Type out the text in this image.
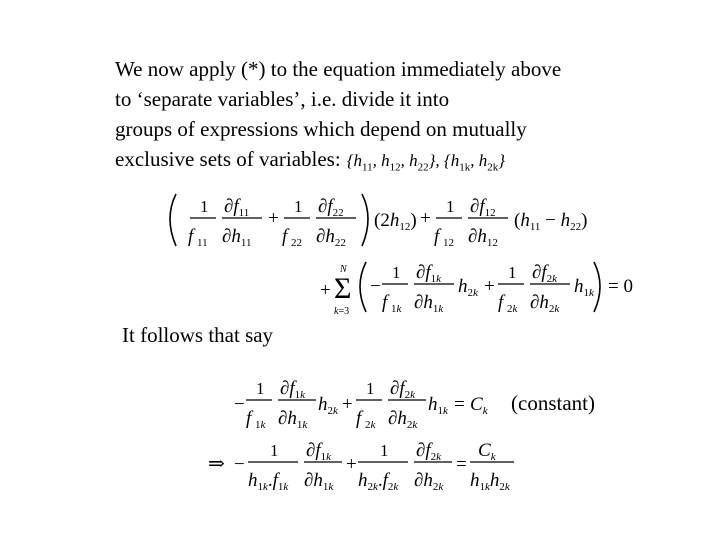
We now apply (*) to the equation immediately above
to ‘separate variables’, i.e. divide it into
groups of expressions which depend on mutually
exclusive sets of variables: {$h_{11}$, $h_{12}$, $h_{22}$}, {$h_{1k}$, $h_{2k}$}
1
f 11
$\partial f_{11}$
$\partial h_{11}$
+
1
f 22
$\partial f_{22}$
$\partial h_{22}$
$(2h_{12})$ +
1
f 12
$\partial f_{12}$
$\partial h_{12}$
$(h_{11} - h_{22})$
+
N
Σ
k=3
−
1
f 1k
$\partial f_{1k}$
$\partial h_{1k}$
$h_{2k}$ +
1
f 2k
$\partial f_{2k}$
$\partial h_{2k}$
$h_{1k} = 0$

It follows that say

−
1
f 1k
$\partial f_{1k}$
$\partial h_{1k}$
$h_{2k}$ +
1
f 2k
$\partial f_{2k}$
$\partial h_{2k}$
$h_{1k} = C_k$ (constant)

⇒ −
1
$h_{1k}.f_{1k}$
$\partial f_{1k}$
$\partial h_{1k}$
+
1
$h_{2k}.f_{2k}$
$\partial f_{2k}$
$\partial h_{2k}$
=
$C_k$
$h_{1k}h_{2k}$
